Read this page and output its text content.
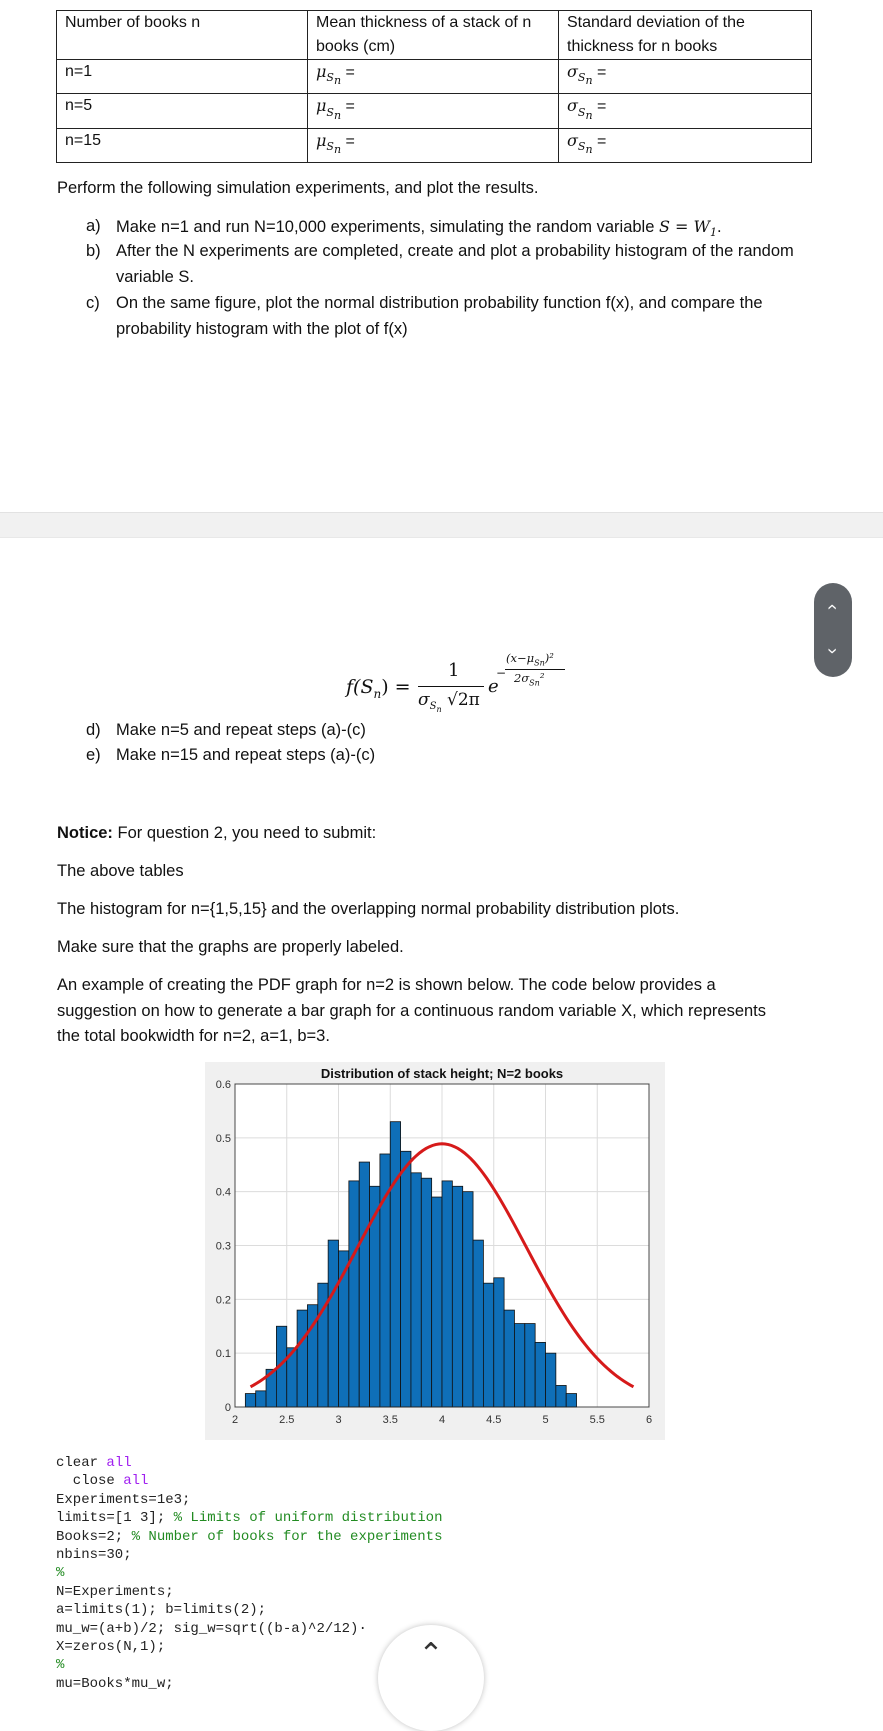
Number of books n	Mean thickness of a stack of n books (cm)	Standard deviation of the thickness for n books
n=1	$\mu_{S_n}$ =	$\sigma_{S_n}$ =
n=5	$\mu_{S_n}$ =	$\sigma_{S_n}$ =
n=15	$\mu_{S_n}$ =	$\sigma_{S_n}$ =
Perform the following simulation experiments, and plot the results.
a) Make n=1 and run N=10,000 experiments, simulating the random variable $S = W_1$.
b) After the N experiments are completed, create and plot a probability histogram of the random variable S.
c) On the same figure, plot the normal distribution probability function f(x), and compare the probability histogram with the plot of f(x)
‹
›
$f(S_n)$ =
1
$\sigma_{S_n}$ √2π
e
−
$(x-\mu_{Sn})^2$
$2\sigma_{Sn}^2$
d) Make n=5 and repeat steps (a)-(c)
e) Make n=15 and repeat steps (a)-(c)
Notice: For question 2, you need to submit:
The above tables
The histogram for n={1,5,15} and the overlapping normal probability distribution plots.
Make sure that the graphs are properly labeled.
An example of creating the PDF graph for n=2 is shown below. The code below provides a suggestion on how to generate a bar graph for a continuous random variable X, which represents the total bookwidth for n=2, a=1, b=3.
2	2.5	3	3.5	4	4.5	5	5.5	6
0
0.1
0.2
0.3
0.4
0.5
0.6
Distribution of stack height; N=2 books
clear all
close all
Experiments=1e3;
limits=[1 3]; % Limits of uniform distribution
Books=2; % Number of books for the experiments
nbins=30;
%
N=Experiments;
a=limits(1); b=limits(2);
mu_w=(a+b)/2; sig_w=sqrt((b-a)^2/12)·
X=zeros(N,1);
%
mu=Books*mu_w;
⌃
